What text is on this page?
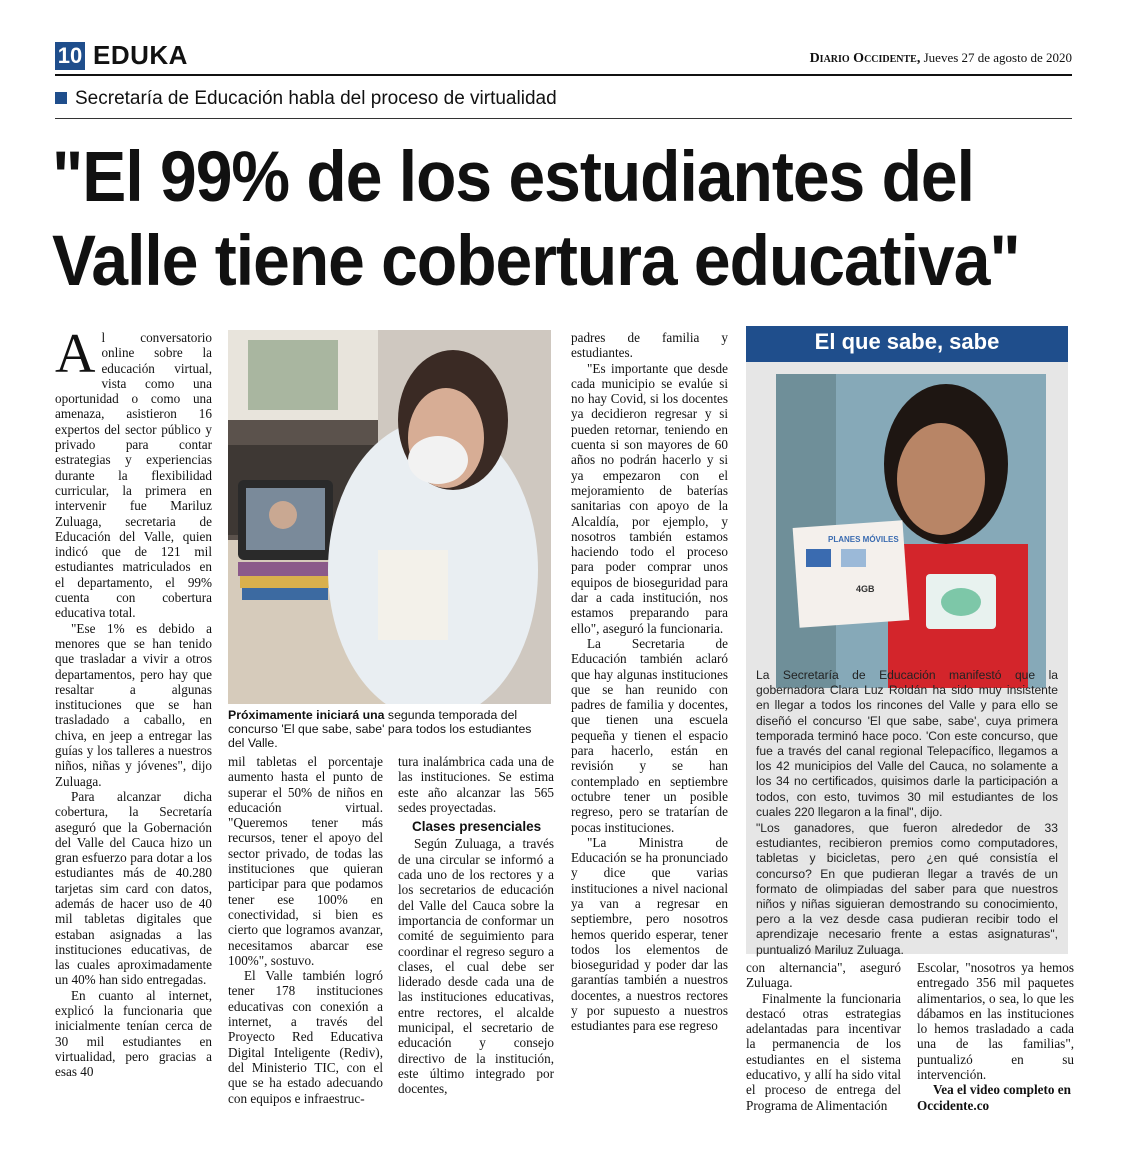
10 EDUKA	Diario Occidente, Jueves 27 de agosto de 2020
Secretaría de Educación habla del proceso de virtualidad
"El 99% de los estudiantes del
Valle tiene cobertura educativa"

Al conversatorio online sobre la educación virtual, vista como una oportunidad o como una amenaza, asistieron 16 expertos del sector público y privado para contar estrategias y experiencias durante la flexibilidad curricular, la primera en intervenir fue Mariluz Zuluaga, secretaria de Educación del Valle, quien indicó que de 121 mil estudiantes matriculados en el departamento, el 99% cuenta con cobertura educativa total.

"Ese 1% es debido a menores que se han tenido que trasladar a vivir a otros departamentos, pero hay que resaltar a algunas instituciones que se han trasladado a caballo, en chiva, en jeep a entregar las guías y los talleres a nuestros niños, niñas y jóvenes", dijo Zuluaga.

Para alcanzar dicha cobertura, la Secretaría aseguró que la Gobernación del Valle del Cauca hizo un gran esfuerzo para dotar a los estudiantes más de 40.280 tarjetas sim card con datos, además de hacer uso de 40 mil tabletas digitales que estaban asignadas a las instituciones educativas, de las cuales aproximadamente un 40% han sido entregadas.

En cuanto al internet, explicó la funcionaria que inicialmente tenían cerca de 30 mil estudiantes en virtualidad, pero gracias a esas 40

Próximamente iniciará una segunda temporada del concurso 'El que sabe, sabe' para todos los estudiantes del Valle.

mil tabletas el porcentaje aumento hasta el punto de superar el 50% de niños en educación virtual. "Queremos tener más recursos, tener el apoyo del sector privado, de todas las instituciones que quieran participar para que podamos tener ese 100% en conectividad, si bien es cierto que logramos avanzar, necesitamos abarcar ese 100%", sostuvo.

El Valle también logró tener 178 instituciones educativas con conexión a internet, a través del Proyecto Red Educativa Digital Inteligente (Rediv), del Ministerio TIC, con el que se ha estado adecuando con equipos e infraestruc-

tura inalámbrica cada una de las instituciones. Se estima este año alcanzar las 565 sedes proyectadas.

Clases presenciales

Según Zuluaga, a través de una circular se informó a cada uno de los rectores y a los secretarios de educación del Valle del Cauca sobre la importancia de conformar un comité de seguimiento para coordinar el regreso seguro a clases, el cual debe ser liderado desde cada una de las instituciones educativas, entre rectores, el alcalde municipal, el secretario de educación y consejo directivo de la institución, este último integrado por docentes,

padres de familia y estudiantes.

"Es importante que desde cada municipio se evalúe si no hay Covid, si los docentes ya decidieron regresar y si pueden retornar, teniendo en cuenta si son mayores de 60 años no podrán hacerlo y si ya empezaron con el mejoramiento de baterías sanitarias con apoyo de la Alcaldía, por ejemplo, y nosotros también estamos haciendo todo el proceso para poder comprar unos equipos de bioseguridad para dar a cada institución, nos estamos preparando para ello", aseguró la funcionaria.

La Secretaria de Educación también aclaró que hay algunas instituciones que se han reunido con padres de familia y docentes, que tienen una escuela pequeña y tienen el espacio para hacerlo, están en revisión y se han contemplado en septiembre octubre tener un posible regreso, pero se tratarían de pocas instituciones.

"La Ministra de Educación se ha pronunciado y dice que varias instituciones a nivel nacional ya van a regresar en septiembre, pero nosotros hemos querido esperar, tener todos los elementos de bioseguridad y poder dar las garantías también a nuestros docentes, a nuestros rectores y por supuesto a nuestros estudiantes para ese regreso

El que sabe, sabe
PLANES MÓVILES
4GB

La Secretaría de Educación manifestó que la gobernadora Clara Luz Roldán ha sido muy insistente en llegar a todos los rincones del Valle y para ello se diseñó el concurso 'El que sabe, sabe', cuya primera temporada terminó hace poco. 'Con este concurso, que fue a través del canal regional Telepacífico, llegamos a los 42 municipios del Valle del Cauca, no solamente a los 34 no certificados, quisimos darle la participación a todos, con esto, tuvimos 30 mil estudiantes de los cuales 220 llegaron a la final", dijo.

"Los ganadores, que fueron alrededor de 33 estudiantes, recibieron premios como computadores, tabletas y bicicletas, pero ¿en qué consistía el concurso? En que pudieran llegar a través de un formato de olimpiadas del saber para que nuestros niños y niñas siguieran demostrando su conocimiento, pero a la vez desde casa pudieran recibir todo el aprendizaje necesario frente a estas asignaturas", puntualizó Mariluz Zuluaga.

con alternancia", aseguró Zuluaga.

Finalmente la funcionaria destacó otras estrategias adelantadas para incentivar la permanencia de los estudiantes en el sistema educativo, y allí ha sido vital el proceso de entrega del Programa de Alimentación

Escolar, "nosotros ya hemos entregado 356 mil paquetes alimentarios, o sea, lo que les dábamos en las instituciones lo hemos trasladado a cada una de las familias", puntualizó en su intervención.

Vea el video completo en Occidente.co
